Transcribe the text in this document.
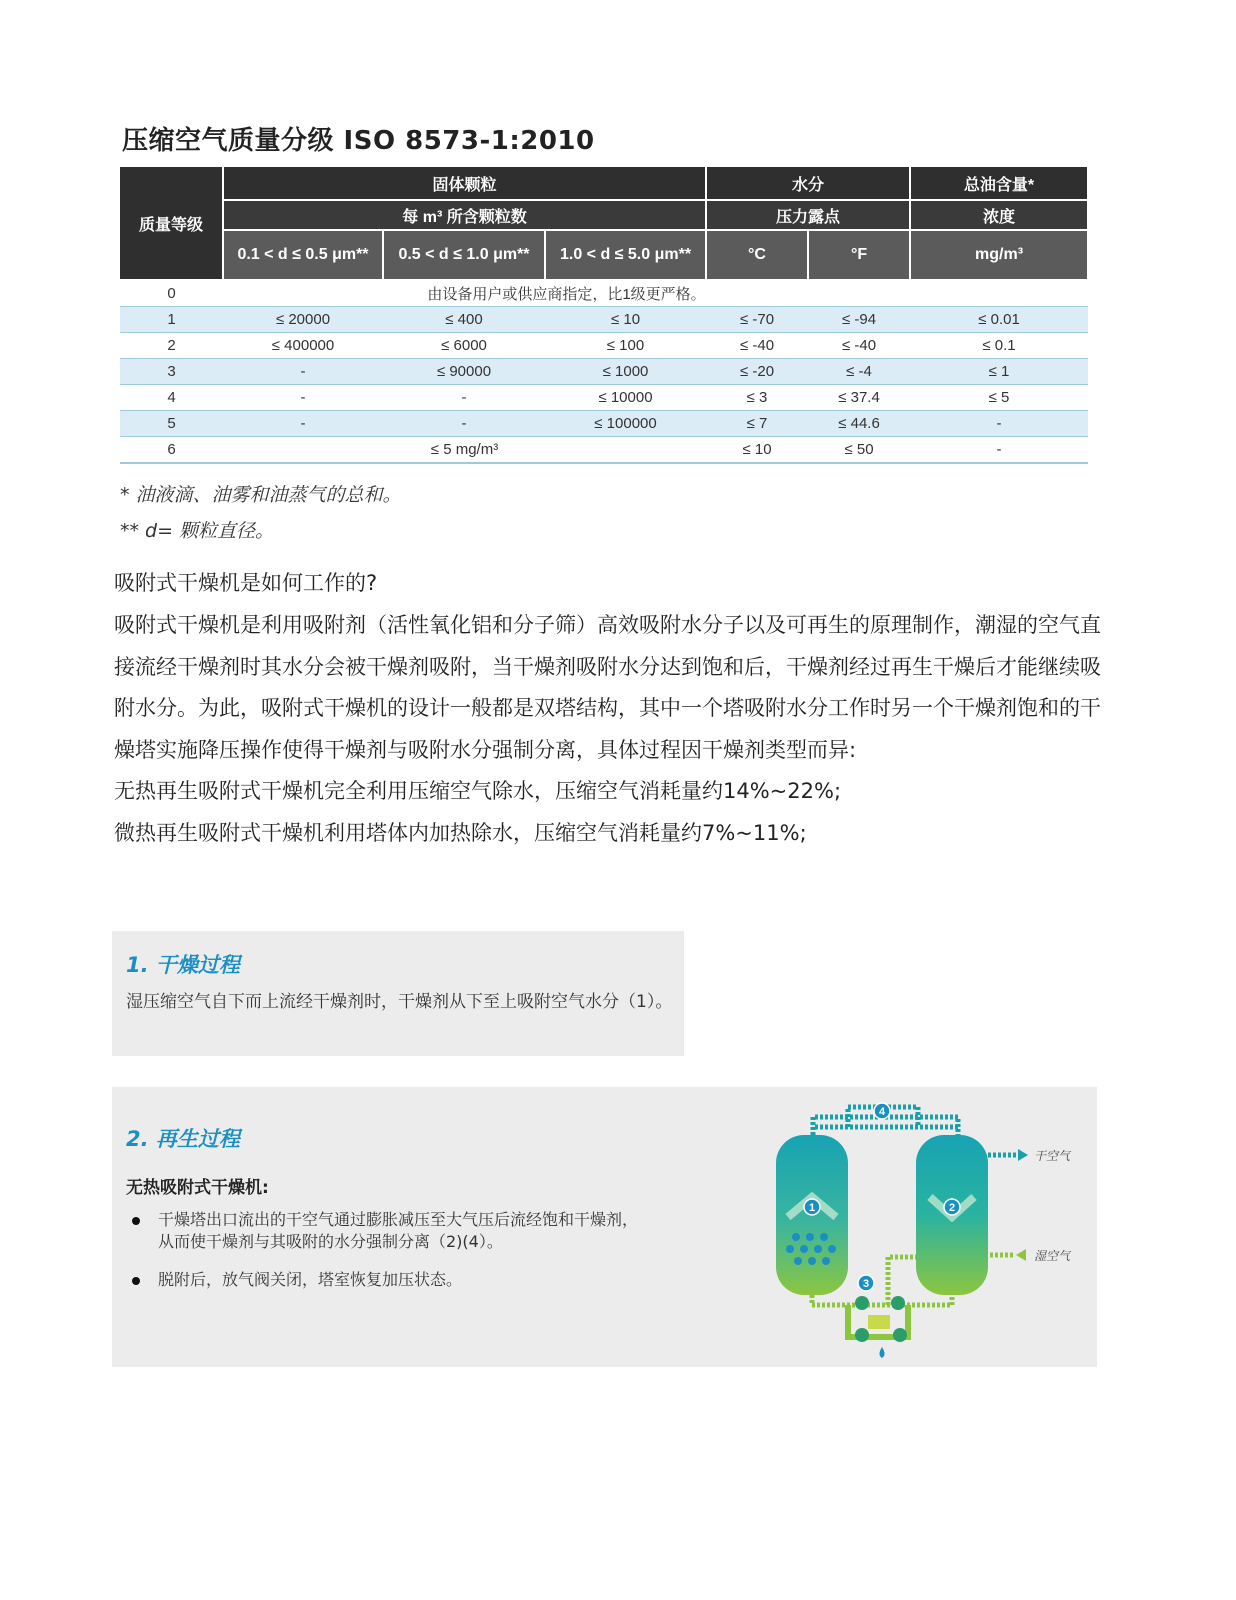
压缩空气质量分级 ISO 8573-1:2010
质量等级	固体颗粒			水分		总油含量*
	每 m³ 所含颗粒数			压力露点		浓度
	0.1 < d ≤ 0.5 μm**	0.5 < d ≤ 1.0 μm**	1.0 < d ≤ 5.0 μm**	°C	°F	mg/m³
0	由设备用户或供应商指定，比1级更严格。					
1	≤ 20000	≤ 400	≤ 10	≤ -70	≤ -94	≤ 0.01
2	≤ 400000	≤ 6000	≤ 100	≤ -40	≤ -40	≤ 0.1
3	-	≤ 90000	≤ 1000	≤ -20	≤ -4	≤ 1
4	-	-	≤ 10000	≤ 3	≤ 37.4	≤ 5
5	-	-	≤ 100000	≤ 7	≤ 44.6	-
6	≤ 5 mg/m³			≤ 10	≤ 50	-
* 油液滴、油雾和油蒸气的总和。
** d= 颗粒直径。
吸附式干燥机是如何工作的?
吸附式干燥机是利用吸附剂（活性氧化铝和分子筛）高效吸附水分子以及可再生的原理制作，潮湿的空气直接流经干燥剂时其水分会被干燥剂吸附，当干燥剂吸附水分达到饱和后，干燥剂经过再生干燥后才能继续吸附水分。为此，吸附式干燥机的设计一般都是双塔结构，其中一个塔吸附水分工作时另一个干燥剂饱和的干燥塔实施降压操作使得干燥剂与吸附水分强制分离，具体过程因干燥剂类型而异:
无热再生吸附式干燥机完全利用压缩空气除水，压缩空气消耗量约14%~22%;
微热再生吸附式干燥机利用塔体内加热除水，压缩空气消耗量约7%~11%;
1. 干燥过程
湿压缩空气自下而上流经干燥剂时，干燥剂从下至上吸附空气水分（1）。
2. 再生过程
无热吸附式干燥机:
干燥塔出口流出的干空气通过膨胀减压至大气压后流经饱和干燥剂，从而使干燥剂与其吸附的水分强制分离（2)(4）。
脱附后，放气阀关闭，塔室恢复加压状态。
干空气
湿空气
1	2
3
4
